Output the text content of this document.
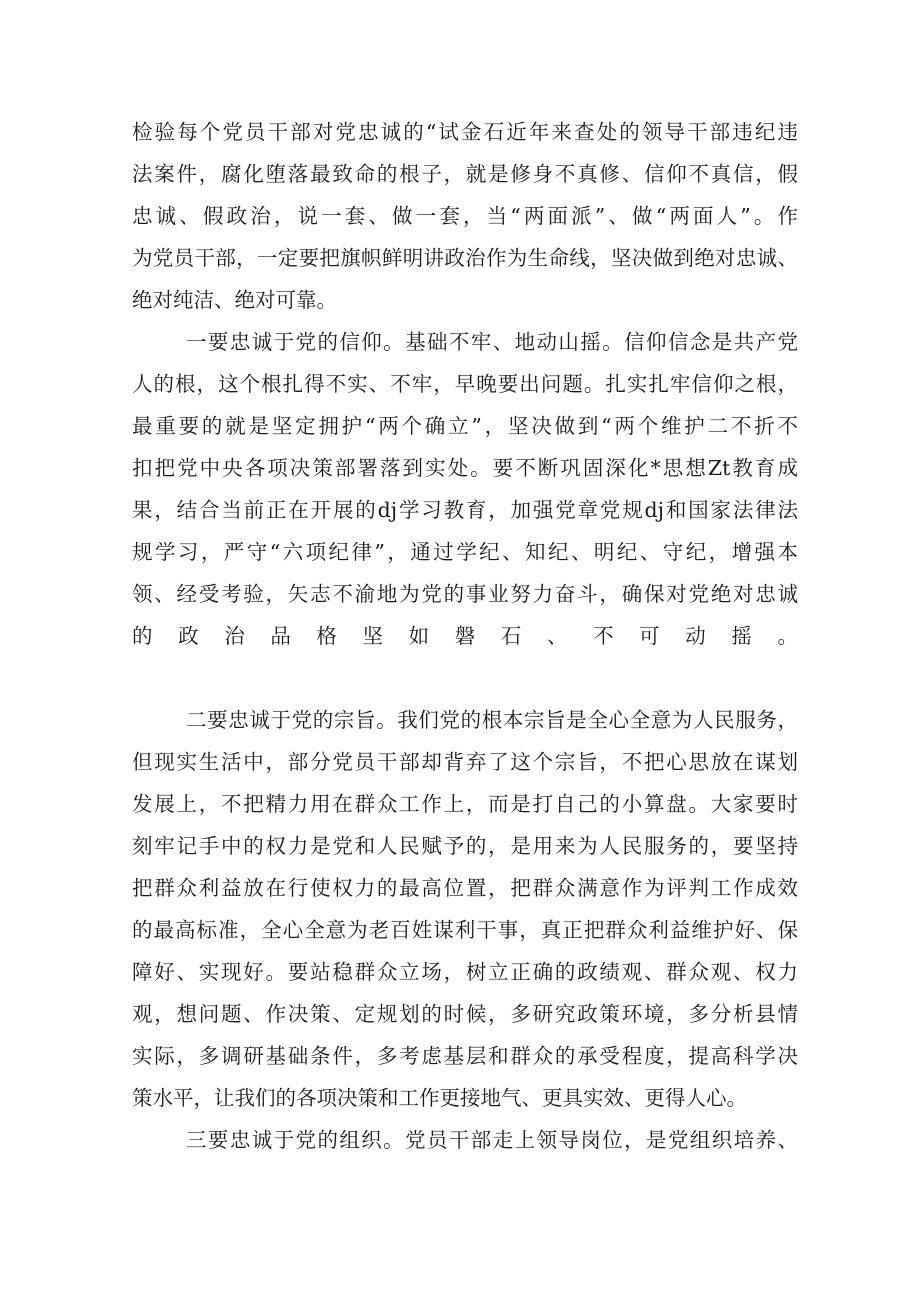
检验每个党员干部对党忠诚的“试金石近年来查处的领导干部违纪违
法案件，腐化堕落最致命的根子，就是修身不真修、信仰不真信，假
忠诚、假政治，说一套、做一套，当“两面派”、做“两面人”。作
为党员干部，一定要把旗帜鲜明讲政治作为生命线，坚决做到绝对忠诚、
绝对纯洁、绝对可靠。
一要忠诚于党的信仰。基础不牢、地动山摇。信仰信念是共产党
人的根，这个根扎得不实、不牢，早晚要出问题。扎实扎牢信仰之根，
最重要的就是坚定拥护“两个确立”，坚决做到“两个维护二不折不
扣把党中央各项决策部署落到实处。要不断巩固深化*思想Zt教育成
果，结合当前正在开展的dj学习教育，加强党章党规dj和国家法律法
规学习，严守“六项纪律”，通过学纪、知纪、明纪、守纪，增强本
领、经受考验，矢志不渝地为党的事业努力奋斗，确保对党绝对忠诚
的政治品格坚如磐石、不可动摇。
二要忠诚于党的宗旨。我们党的根本宗旨是全心全意为人民服务，
但现实生活中，部分党员干部却背弃了这个宗旨，不把心思放在谋划
发展上，不把精力用在群众工作上，而是打自己的小算盘。大家要时
刻牢记手中的权力是党和人民赋予的，是用来为人民服务的，要坚持
把群众利益放在行使权力的最高位置，把群众满意作为评判工作成效
的最高标准，全心全意为老百姓谋利干事，真正把群众利益维护好、保
障好、实现好。要站稳群众立场，树立正确的政绩观、群众观、权力
观，想问题、作决策、定规划的时候，多研究政策环境，多分析县情
实际，多调研基础条件，多考虑基层和群众的承受程度，提高科学决
策水平，让我们的各项决策和工作更接地气、更具实效、更得人心。
三要忠诚于党的组织。党员干部走上领导岗位，是党组织培养、
